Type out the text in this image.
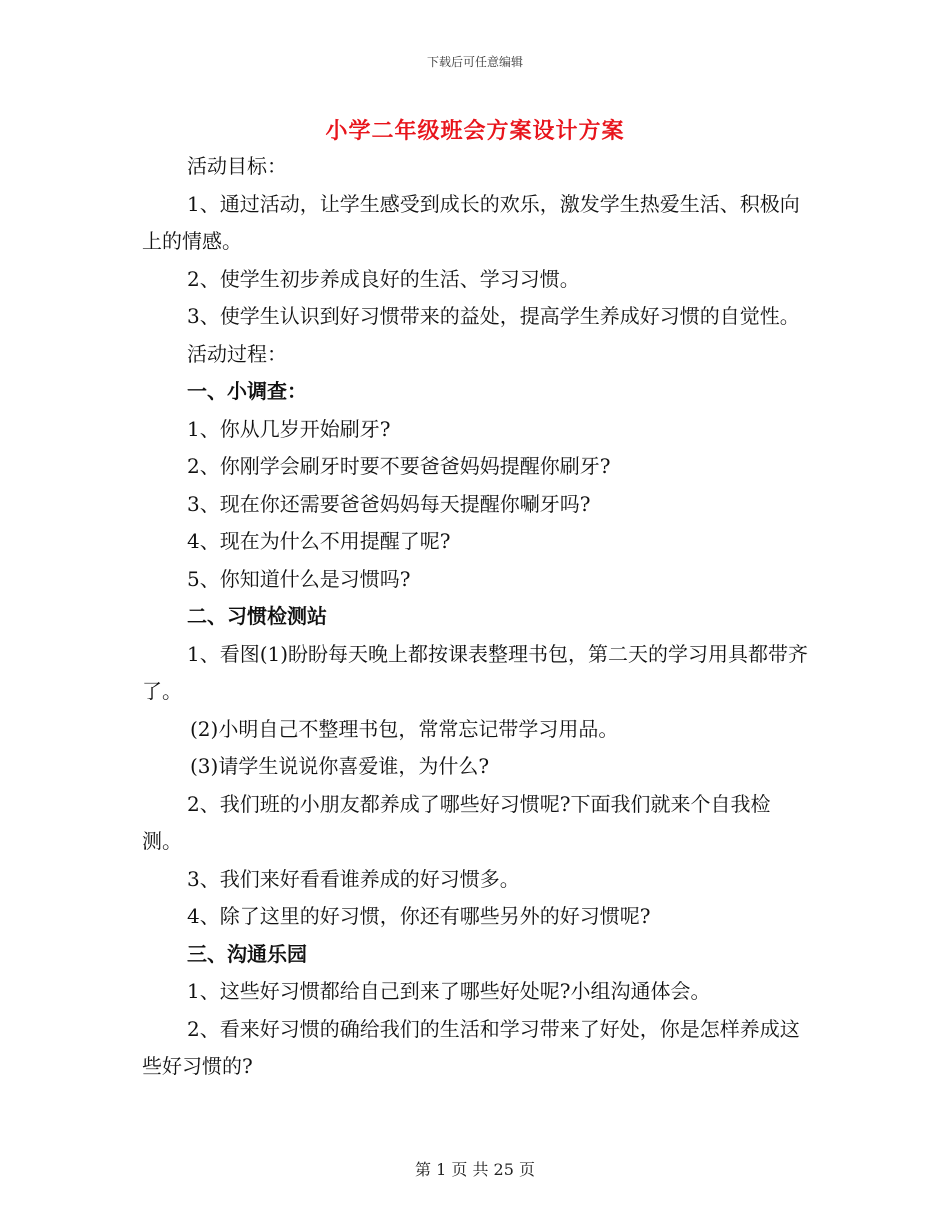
下载后可任意编辑
小学二年级班会方案设计方案

活动目标：

1、通过活动，让学生感受到成长的欢乐，激发学生热爱生活、积极向上的情感。

2、使学生初步养成良好的生活、学习习惯。

3、使学生认识到好习惯带来的益处，提高学生养成好习惯的自觉性。

活动过程：

一、小调查：

1、你从几岁开始刷牙?

2、你刚学会刷牙时要不要爸爸妈妈提醒你刷牙?

3、现在你还需要爸爸妈妈每天提醒你唰牙吗?

4、现在为什么不用提醒了呢?

5、你知道什么是习惯吗?

二、习惯检测站

1、看图(1)盼盼每天晚上都按课表整理书包，第二天的学习用具都带齐了。

(2)小明自己不整理书包，常常忘记带学习用品。

(3)请学生说说你喜爱谁，为什么?

2、我们班的小朋友都养成了哪些好习惯呢?下面我们就来个自我检测。

3、我们来好看看谁养成的好习惯多。

4、除了这里的好习惯，你还有哪些另外的好习惯呢?

三、沟通乐园

1、这些好习惯都给自己到来了哪些好处呢?小组沟通体会。

2、看来好习惯的确给我们的生活和学习带来了好处，你是怎样养成这些好习惯的?

第 1 页 共 25 页
